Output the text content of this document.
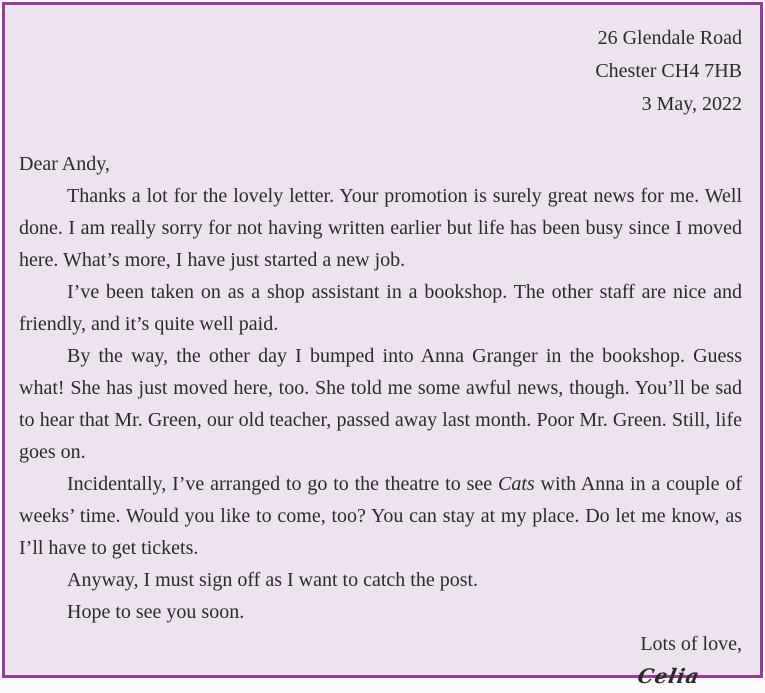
26 Glendale Road
Chester CH4 7HB
3 May, 2022

Dear Andy,

Thanks a lot for the lovely letter. Your promotion is surely great news for me. Well done. I am really sorry for not having written earlier but life has been busy since I moved here. What’s more, I have just started a new job.

I’ve been taken on as a shop assistant in a bookshop. The other staff are nice and friendly, and it’s quite well paid.

By the way, the other day I bumped into Anna Granger in the bookshop. Guess what! She has just moved here, too. She told me some awful news, though. You’ll be sad to hear that Mr. Green, our old teacher, passed away last month. Poor Mr. Green. Still, life goes on.

Incidentally, I’ve arranged to go to the theatre to see Cats with Anna in a couple of weeks’ time. Would you like to come, too? You can stay at my place. Do let me know, as I’ll have to get tickets.

Anyway, I must sign off as I want to catch the post.

Hope to see you soon.

Lots of love,

Celia
